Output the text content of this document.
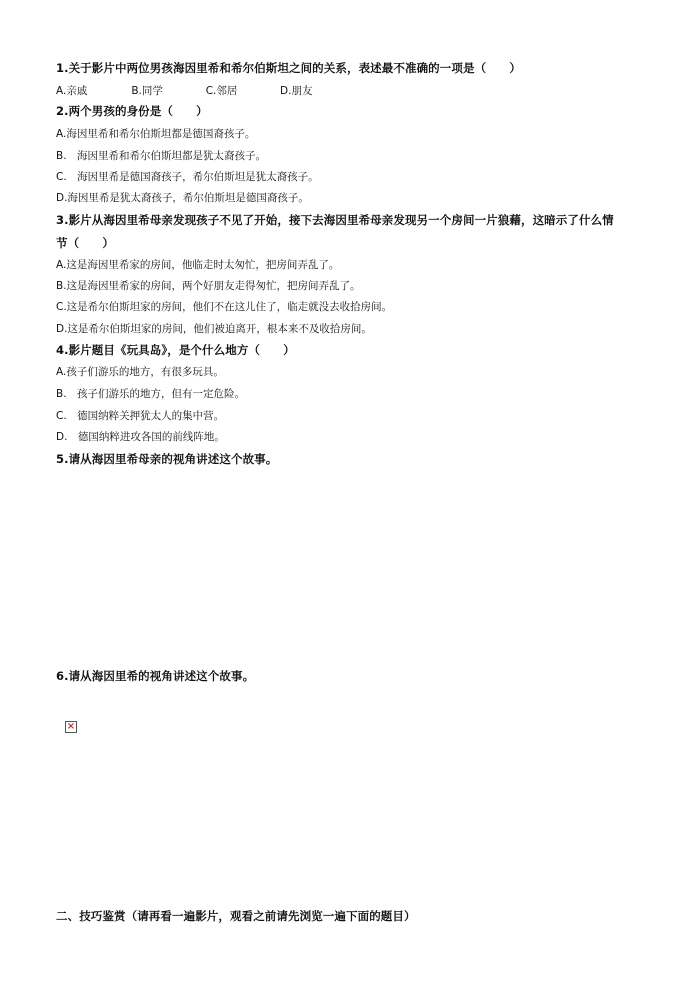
1.关于影片中两位男孩海因里希和希尔伯斯坦之间的关系，表述最不准确的一项是（　　）
A.亲戚	B.同学	C.邻居	D.朋友
2.两个男孩的身份是（　　）
A.海因里希和希尔伯斯坦都是德国裔孩子。
B.　海因里希和希尔伯斯坦都是犹太裔孩子。
C.　海因里希是德国裔孩子，希尔伯斯坦是犹太裔孩子。
D.海因里希是犹太裔孩子，希尔伯斯坦是德国裔孩子。
3.影片从海因里希母亲发现孩子不见了开始，接下去海因里希母亲发现另一个房间一片狼藉，这暗示了什么情
节（　　）
A.这是海因里希家的房间，他临走时太匆忙，把房间弄乱了。
B.这是海因里希家的房间，两个好朋友走得匆忙，把房间弄乱了。
C.这是希尔伯斯坦家的房间，他们不在这儿住了，临走就没去收拾房间。
D.这是希尔伯斯坦家的房间，他们被迫离开，根本来不及收拾房间。
4.影片题目《玩具岛》，是个什么地方（　　）
A.孩子们游乐的地方，有很多玩具。
B.　孩子们游乐的地方，但有一定危险。
C.　德国纳粹关押犹太人的集中营。
D.　德国纳粹进攻各国的前线阵地。
5.请从海因里希母亲的视角讲述这个故事。
6.请从海因里希的视角讲述这个故事。
×
二、技巧鉴赏（请再看一遍影片，观看之前请先浏览一遍下面的题目）
